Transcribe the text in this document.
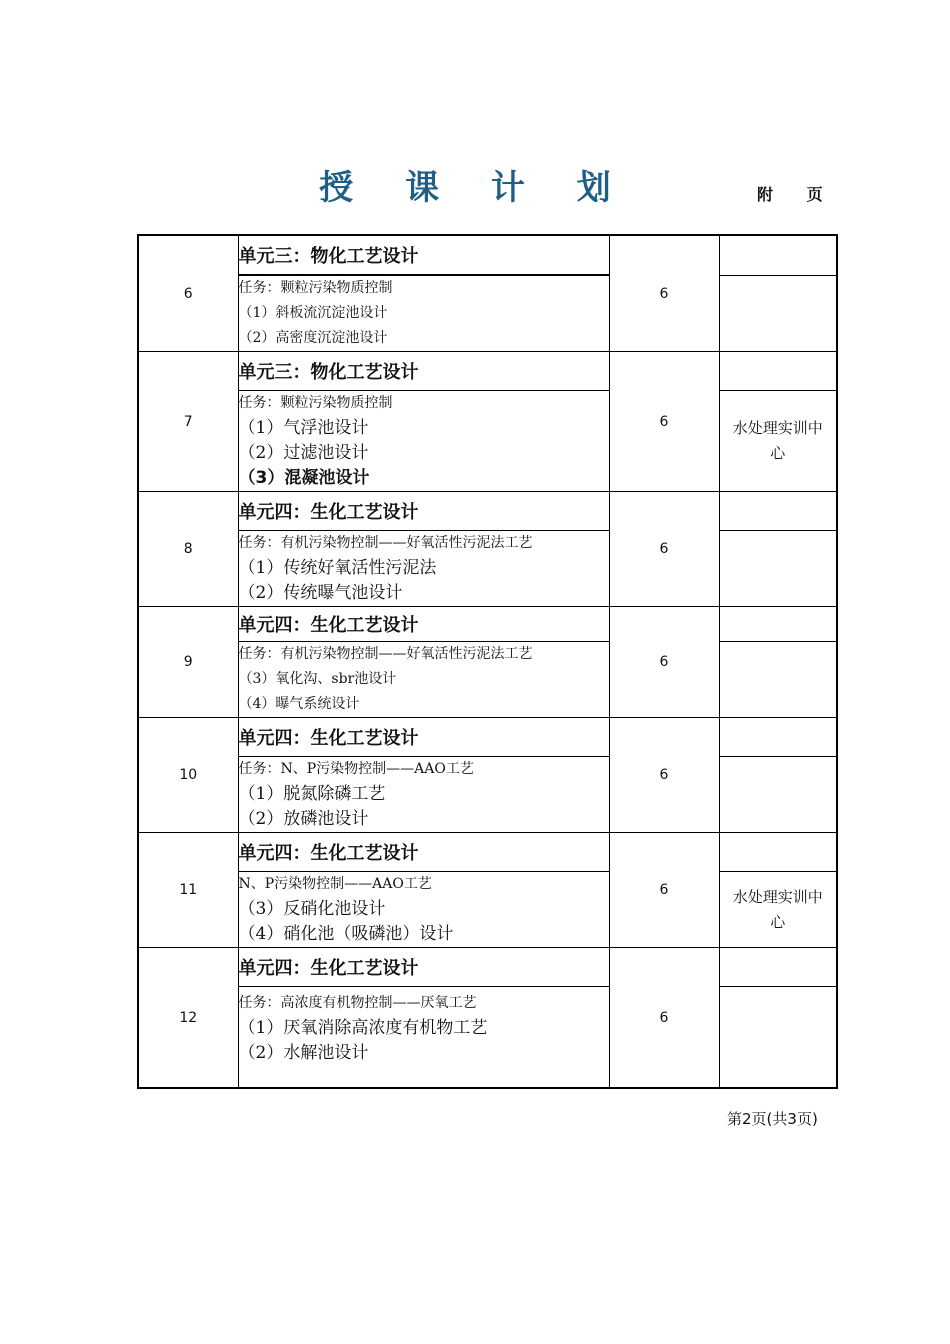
授 课 计 划	附 页
6	单元三：物化工艺设计	6	

	任务：颗粒污染物质控制
（1）斜板流沉淀池设计
（2）高密度沉淀池设计		

7	单元三：物化工艺设计	6	

	任务：颗粒污染物质控制
（1）气浮池设计
（2）过滤池设计
（3）混凝池设计		水处理实训中心

8	单元四：生化工艺设计	6	

	任务：有机污染物控制——好氧活性污泥法工艺
（1）传统好氧活性污泥法
（2）传统曝气池设计		

9	单元四：生化工艺设计	6	

	任务：有机污染物控制——好氧活性污泥法工艺
（3）氧化沟、sbr池设计
（4）曝气系统设计		

10	单元四：生化工艺设计	6	

	任务：N、P污染物控制——AAO工艺
（1）脱氮除磷工艺
（2）放磷池设计		

11	单元四：生化工艺设计	6	

	N、P污染物控制——AAO工艺
（3）反硝化池设计
（4）硝化池（吸磷池）设计		水处理实训中心

12	单元四：生化工艺设计	6	

	任务：高浓度有机物控制——厌氧工艺
（1）厌氧消除高浓度有机物工艺
（2）水解池设计		

第2页(共3页)
